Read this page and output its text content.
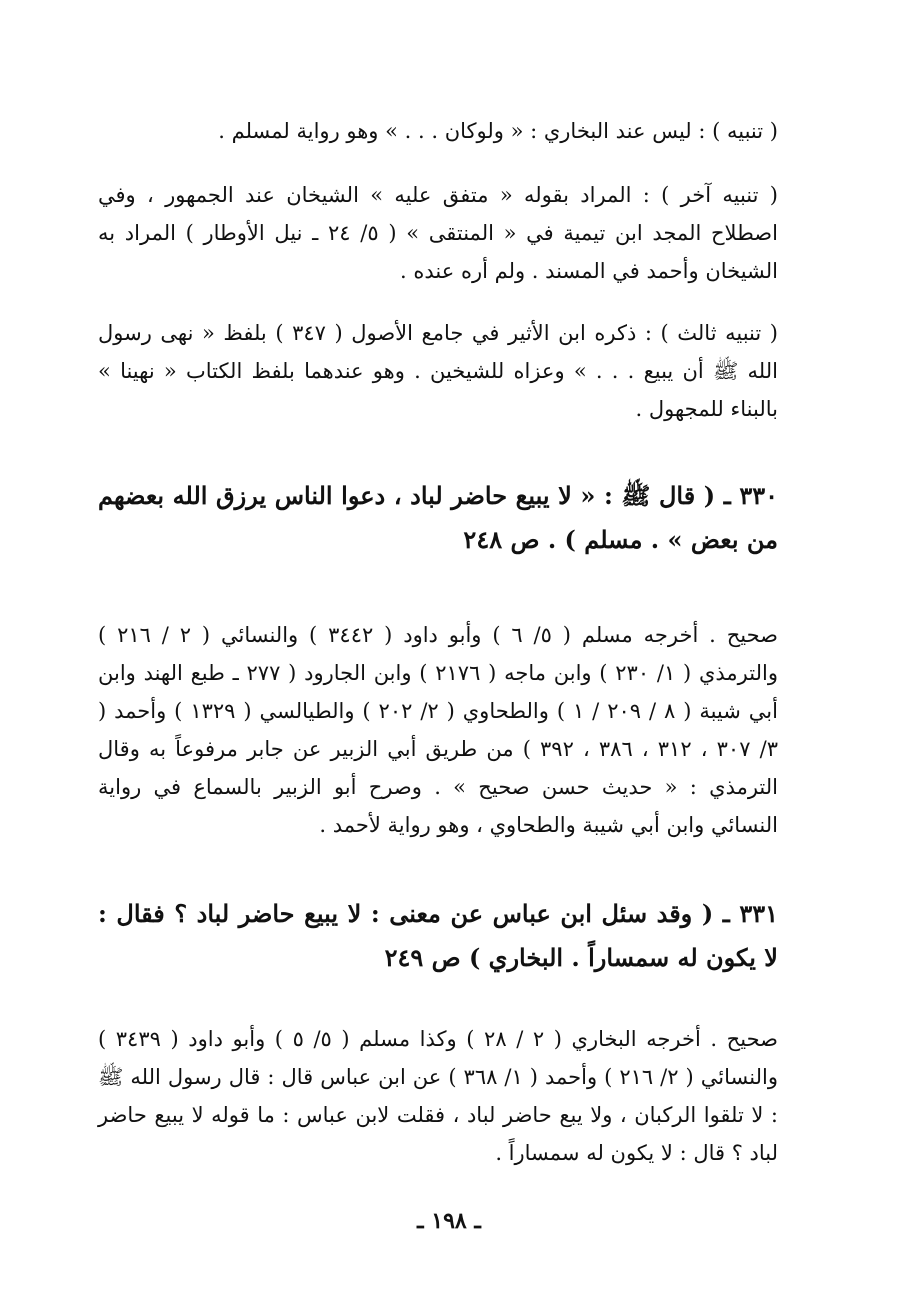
( تنبيه ) : ليس عند البخاري : « ولوكان . . . » وهو رواية لمسلم .

( تنبيه آخر ) : المراد بقوله « متفق عليه » الشيخان عند الجمهور ، وفي اصطلاح المجد ابن تيمية في « المنتقى » ( ٥/ ٢٤ ـ نيل الأوطار ) المراد به الشيخان وأحمد في المسند . ولم أره عنده .

( تنبيه ثالث ) : ذكره ابن الأثير في جامع الأصول ( ٣٤٧ ) بلفظ « نهى رسول الله ﷺ أن يبيع . . . » وعزاه للشيخين . وهو عندهما بلفظ الكتاب « نهينا » بالبناء للمجهول .

٣٣٠ ـ ( قال ﷺ : « لا يبيع حاضر لباد ، دعوا الناس يرزق الله بعضهم من بعض » . مسلم ) . ص ٢٤٨

صحيح . أخرجه مسلم ( ٥/ ٦ ) وأبو داود ( ٣٤٤٢ ) والنسائي ( ٢ / ٢١٦ ) والترمذي ( ١/ ٢٣٠ ) وابن ماجه ( ٢١٧٦ ) وابن الجارود ( ٢٧٧ ـ طبع الهند وابن أبي شيبة ( ٨ / ٢٠٩ / ١ ) والطحاوي ( ٢/ ٢٠٢ ) والطيالسي ( ١٣٢٩ ) وأحمد ( ٣/ ٣٠٧ ، ٣١٢ ، ٣٨٦ ، ٣٩٢ ) من طريق أبي الزبير عن جابر مرفوعاً به وقال الترمذي : « حديث حسن صحيح » . وصرح أبو الزبير بالسماع في رواية النسائي وابن أبي شيبة والطحاوي ، وهو رواية لأحمد .

٣٣١ ـ ( وقد سئل ابن عباس عن معنى : لا يبيع حاضر لباد ؟ فقال : لا يكون له سمساراً . البخاري ) ص ٢٤٩

صحيح . أخرجه البخاري ( ٢ / ٢٨ ) وكذا مسلم ( ٥/ ٥ ) وأبو داود ( ٣٤٣٩ ) والنسائي ( ٢/ ٢١٦ ) وأحمد ( ١/ ٣٦٨ ) عن ابن عباس قال : قال رسول الله ﷺ : لا تلقوا الركبان ، ولا يبع حاضر لباد ، فقلت لابن عباس : ما قوله لا يبيع حاضر لباد ؟ قال : لا يكون له سمساراً .

ـ ١٩٨ ـ
